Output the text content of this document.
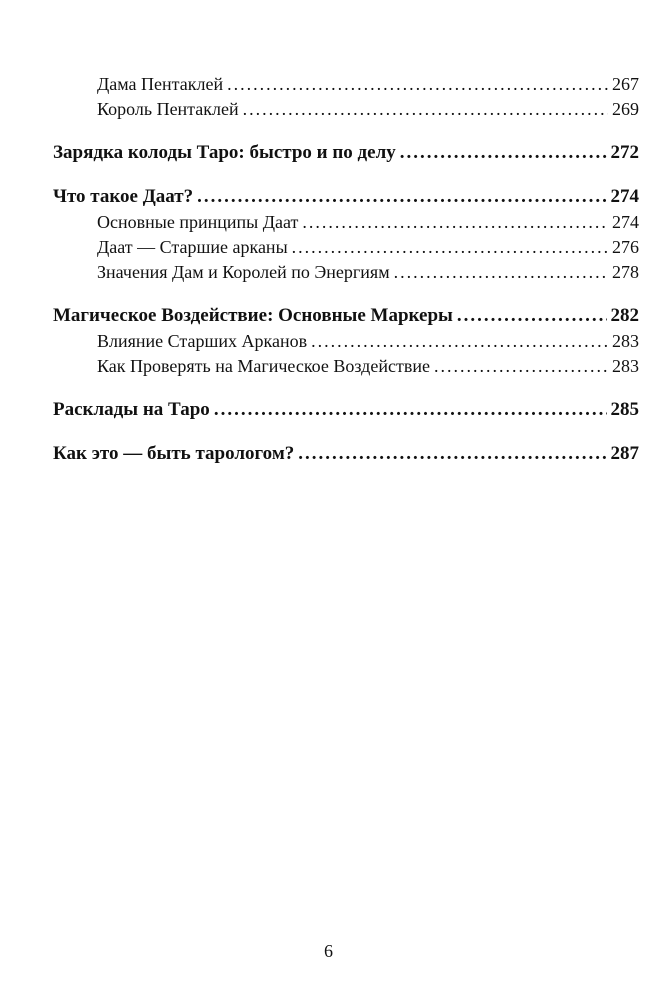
Дама Пентаклей .....	267
Король Пентаклей .....	269
Зарядка колоды Таро: быстро и по делу .....	272
Что такое Даат? .....	274
Основные принципы Даат .....	274
Даат — Старшие арканы .....	276
Значения Дам и Королей по Энергиям .....	278
Магическое Воздействие: Основные Маркеры .....	282
Влияние Старших Арканов .....	283
Как Проверять на Магическое Воздействие .....	283
Расклады на Таро .....	285
Как это — быть тарологом? .....	287
6
